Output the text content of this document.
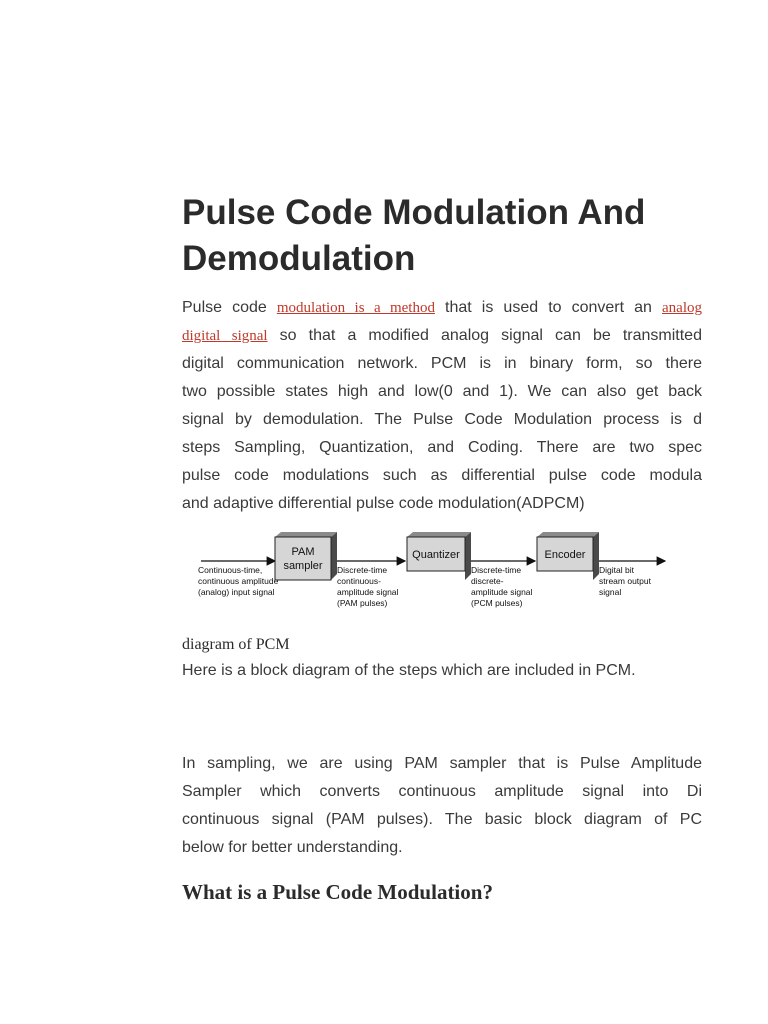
Pulse Code Modulation And
Demodulation
Pulse code modulation is a method that is used to convert an analog
digital signal so that a modified analog signal can be transmitted
digital communication network. PCM is in binary form, so there
two possible states high and low(0 and 1). We can also get back
signal by demodulation. The Pulse Code Modulation process is d
steps Sampling, Quantization, and Coding. There are two spec
pulse code modulations such as differential pulse code modula
and adaptive differential pulse code modulation(ADPCM)
diagram of PCM
Here is a block diagram of the steps which are included in PCM.
In sampling, we are using PAM sampler that is Pulse Amplitude
Sampler which converts continuous amplitude signal into Di
continuous signal (PAM pulses). The basic block diagram of PC
below for better understanding.
What is a Pulse Code Modulation?
PAM
sampler
Quantizer	Encoder
Continuous-time,
continuous amplitude
(analog) input signal
Discrete-time
continuous-
amplitude signal
(PAM pulses)
Discrete-time
discrete-
amplitude signal
(PCM pulses)
Digital bit
stream output
signal
